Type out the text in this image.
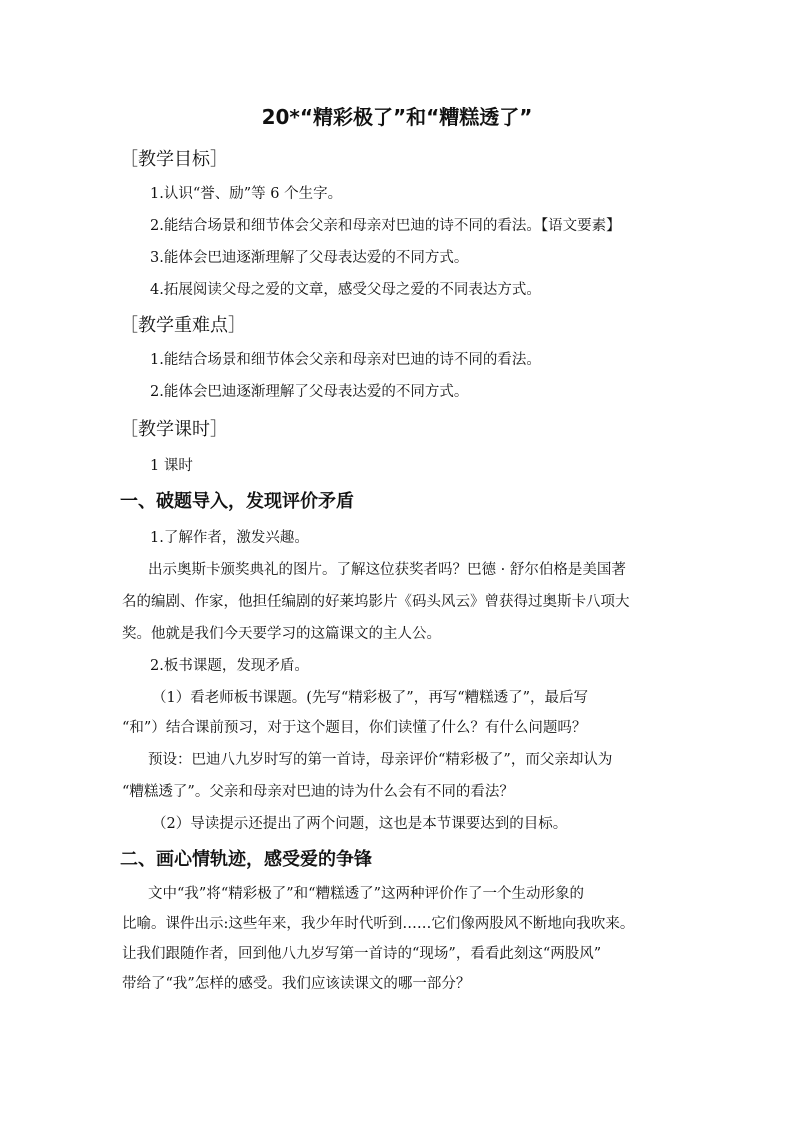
20*“精彩极了”和“糟糕透了”
［教学目标］
1.认识“誉、励”等 6 个生字。
2.能结合场景和细节体会父亲和母亲对巴迪的诗不同的看法。【语文要素】
3.能体会巴迪逐渐理解了父母表达爱的不同方式。
4.拓展阅读父母之爱的文章，感受父母之爱的不同表达方式。
［教学重难点］
1.能结合场景和细节体会父亲和母亲对巴迪的诗不同的看法。
2.能体会巴迪逐渐理解了父母表达爱的不同方式。
［教学课时］
1 课时
一、破题导入，发现评价矛盾
1.了解作者，激发兴趣。
出示奥斯卡颁奖典礼的图片。了解这位获奖者吗？巴德 · 舒尔伯格是美国著
名的编剧、作家，他担任编剧的好莱坞影片《码头风云》曾获得过奥斯卡八项大
奖。他就是我们今天要学习的这篇课文的主人公。
2.板书课题，发现矛盾。
（1）看老师板书课题。(先写“精彩极了”，再写“糟糕透了”，最后写
“和”）结合课前预习，对于这个题目，你们读懂了什么？有什么问题吗？
预设：巴迪八九岁时写的第一首诗，母亲评价“精彩极了”，而父亲却认为
“糟糕透了”。父亲和母亲对巴迪的诗为什么会有不同的看法？
（2）导读提示还提出了两个问题，这也是本节课要达到的目标。
二、画心情轨迹，感受爱的争锋
文中“我”将“精彩极了”和“糟糕透了”这两种评价作了一个生动形象的
比喻。课件出示:这些年来，我少年时代听到……它们像两股风不断地向我吹来。
让我们跟随作者，回到他八九岁写第一首诗的“现场”，看看此刻这“两股风”
带给了“我”怎样的感受。我们应该读课文的哪一部分？
